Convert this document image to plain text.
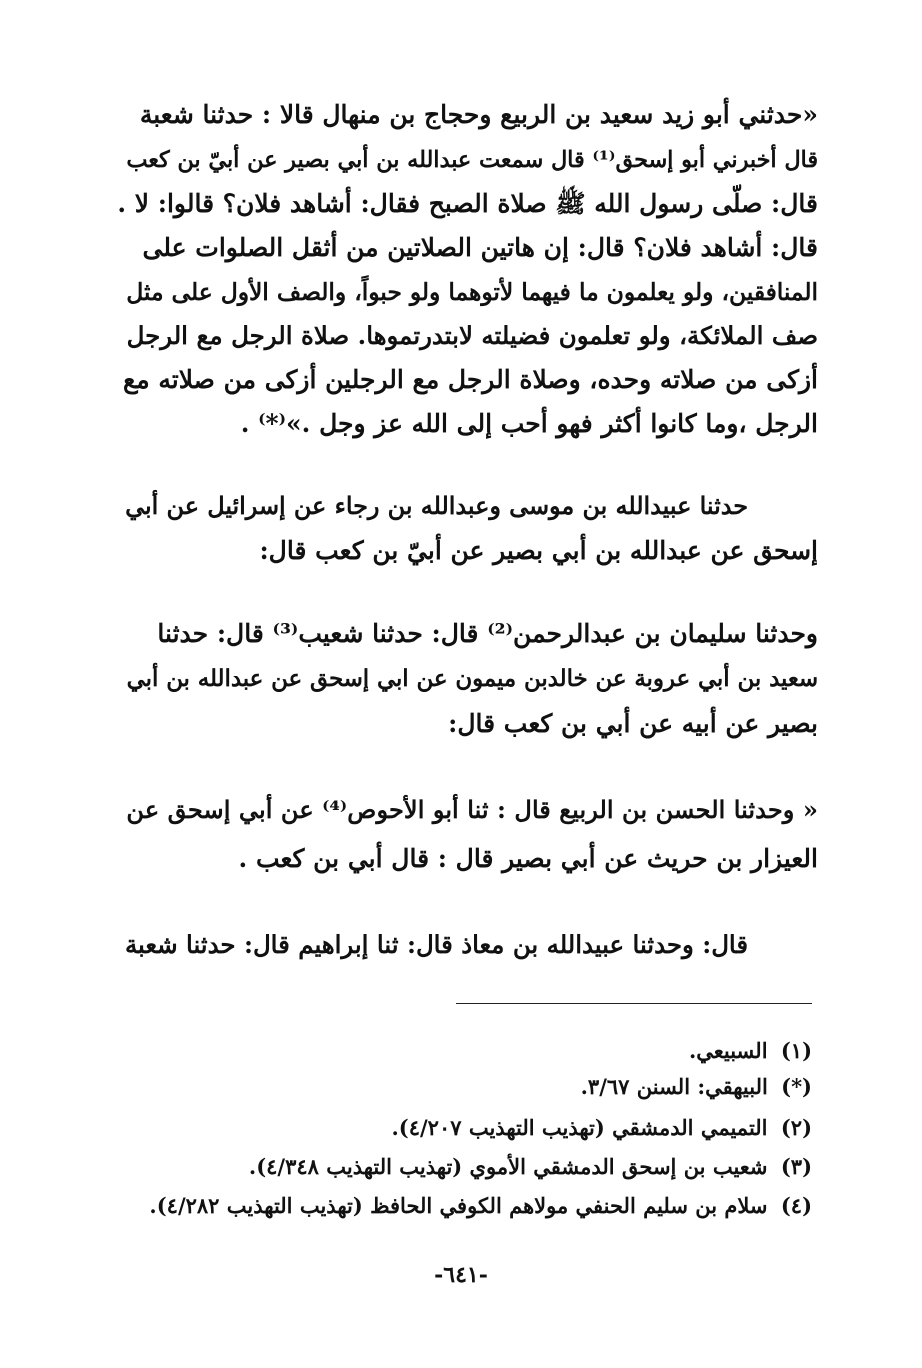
«حدثني أبو زيد سعيد بن الربيع وحجاج بن منهال قالا : حدثنا شعبة
قال أخبرني أبو إسحق⁽¹⁾ قال سمعت عبدالله بن أبي بصير عن أبيّ بن كعب
قال: صلّى رسول الله ﷺ صلاة الصبح فقال: أشاهد فلان؟ قالوا: لا .
قال: أشاهد فلان؟ قال: إن هاتين الصلاتين من أثقل الصلوات على
المنافقين، ولو يعلمون ما فيهما لأتوهما ولو حبواً، والصف الأول على مثل
صف الملائكة، ولو تعلمون فضيلته لابتدرتموها. صلاة الرجل مع الرجل
أزكى من صلاته وحده، وصلاة الرجل مع الرجلين أزكى من صلاته مع
الرجل ،وما كانوا أكثر فهو أحب إلى الله عز وجل .»⁽*⁾ .
حدثنا عبيدالله بن موسى وعبدالله بن رجاء عن إسرائيل عن أبي
إسحق عن عبدالله بن أبي بصير عن أبيّ بن كعب قال:
وحدثنا سليمان بن عبدالرحمن⁽²⁾ قال: حدثنا شعيب⁽³⁾ قال: حدثنا
سعيد بن أبي عروبة عن خالدبن ميمون عن ابي إسحق عن عبدالله بن أبي
بصير عن أبيه عن أبي بن كعب قال:
« وحدثنا الحسن بن الربيع قال : ثنا أبو الأحوص⁽⁴⁾ عن أبي إسحق عن
العيزار بن حريث عن أبي بصير قال : قال أبي بن كعب .
قال: وحدثنا عبيدالله بن معاذ قال: ثنا إبراهيم قال: حدثنا شعبة
(١) السبيعي.
(*) البيهقي: السنن ٣/٦٧.
(٢) التميمي الدمشقي (تهذيب التهذيب ٤/٢٠٧).
(٣) شعيب بن إسحق الدمشقي الأموي (تهذيب التهذيب ٤/٣٤٨).
(٤) سلام بن سليم الحنفي مولاهم الكوفي الحافظ (تهذيب التهذيب ٤/٢٨٢).
-٦٤١-
